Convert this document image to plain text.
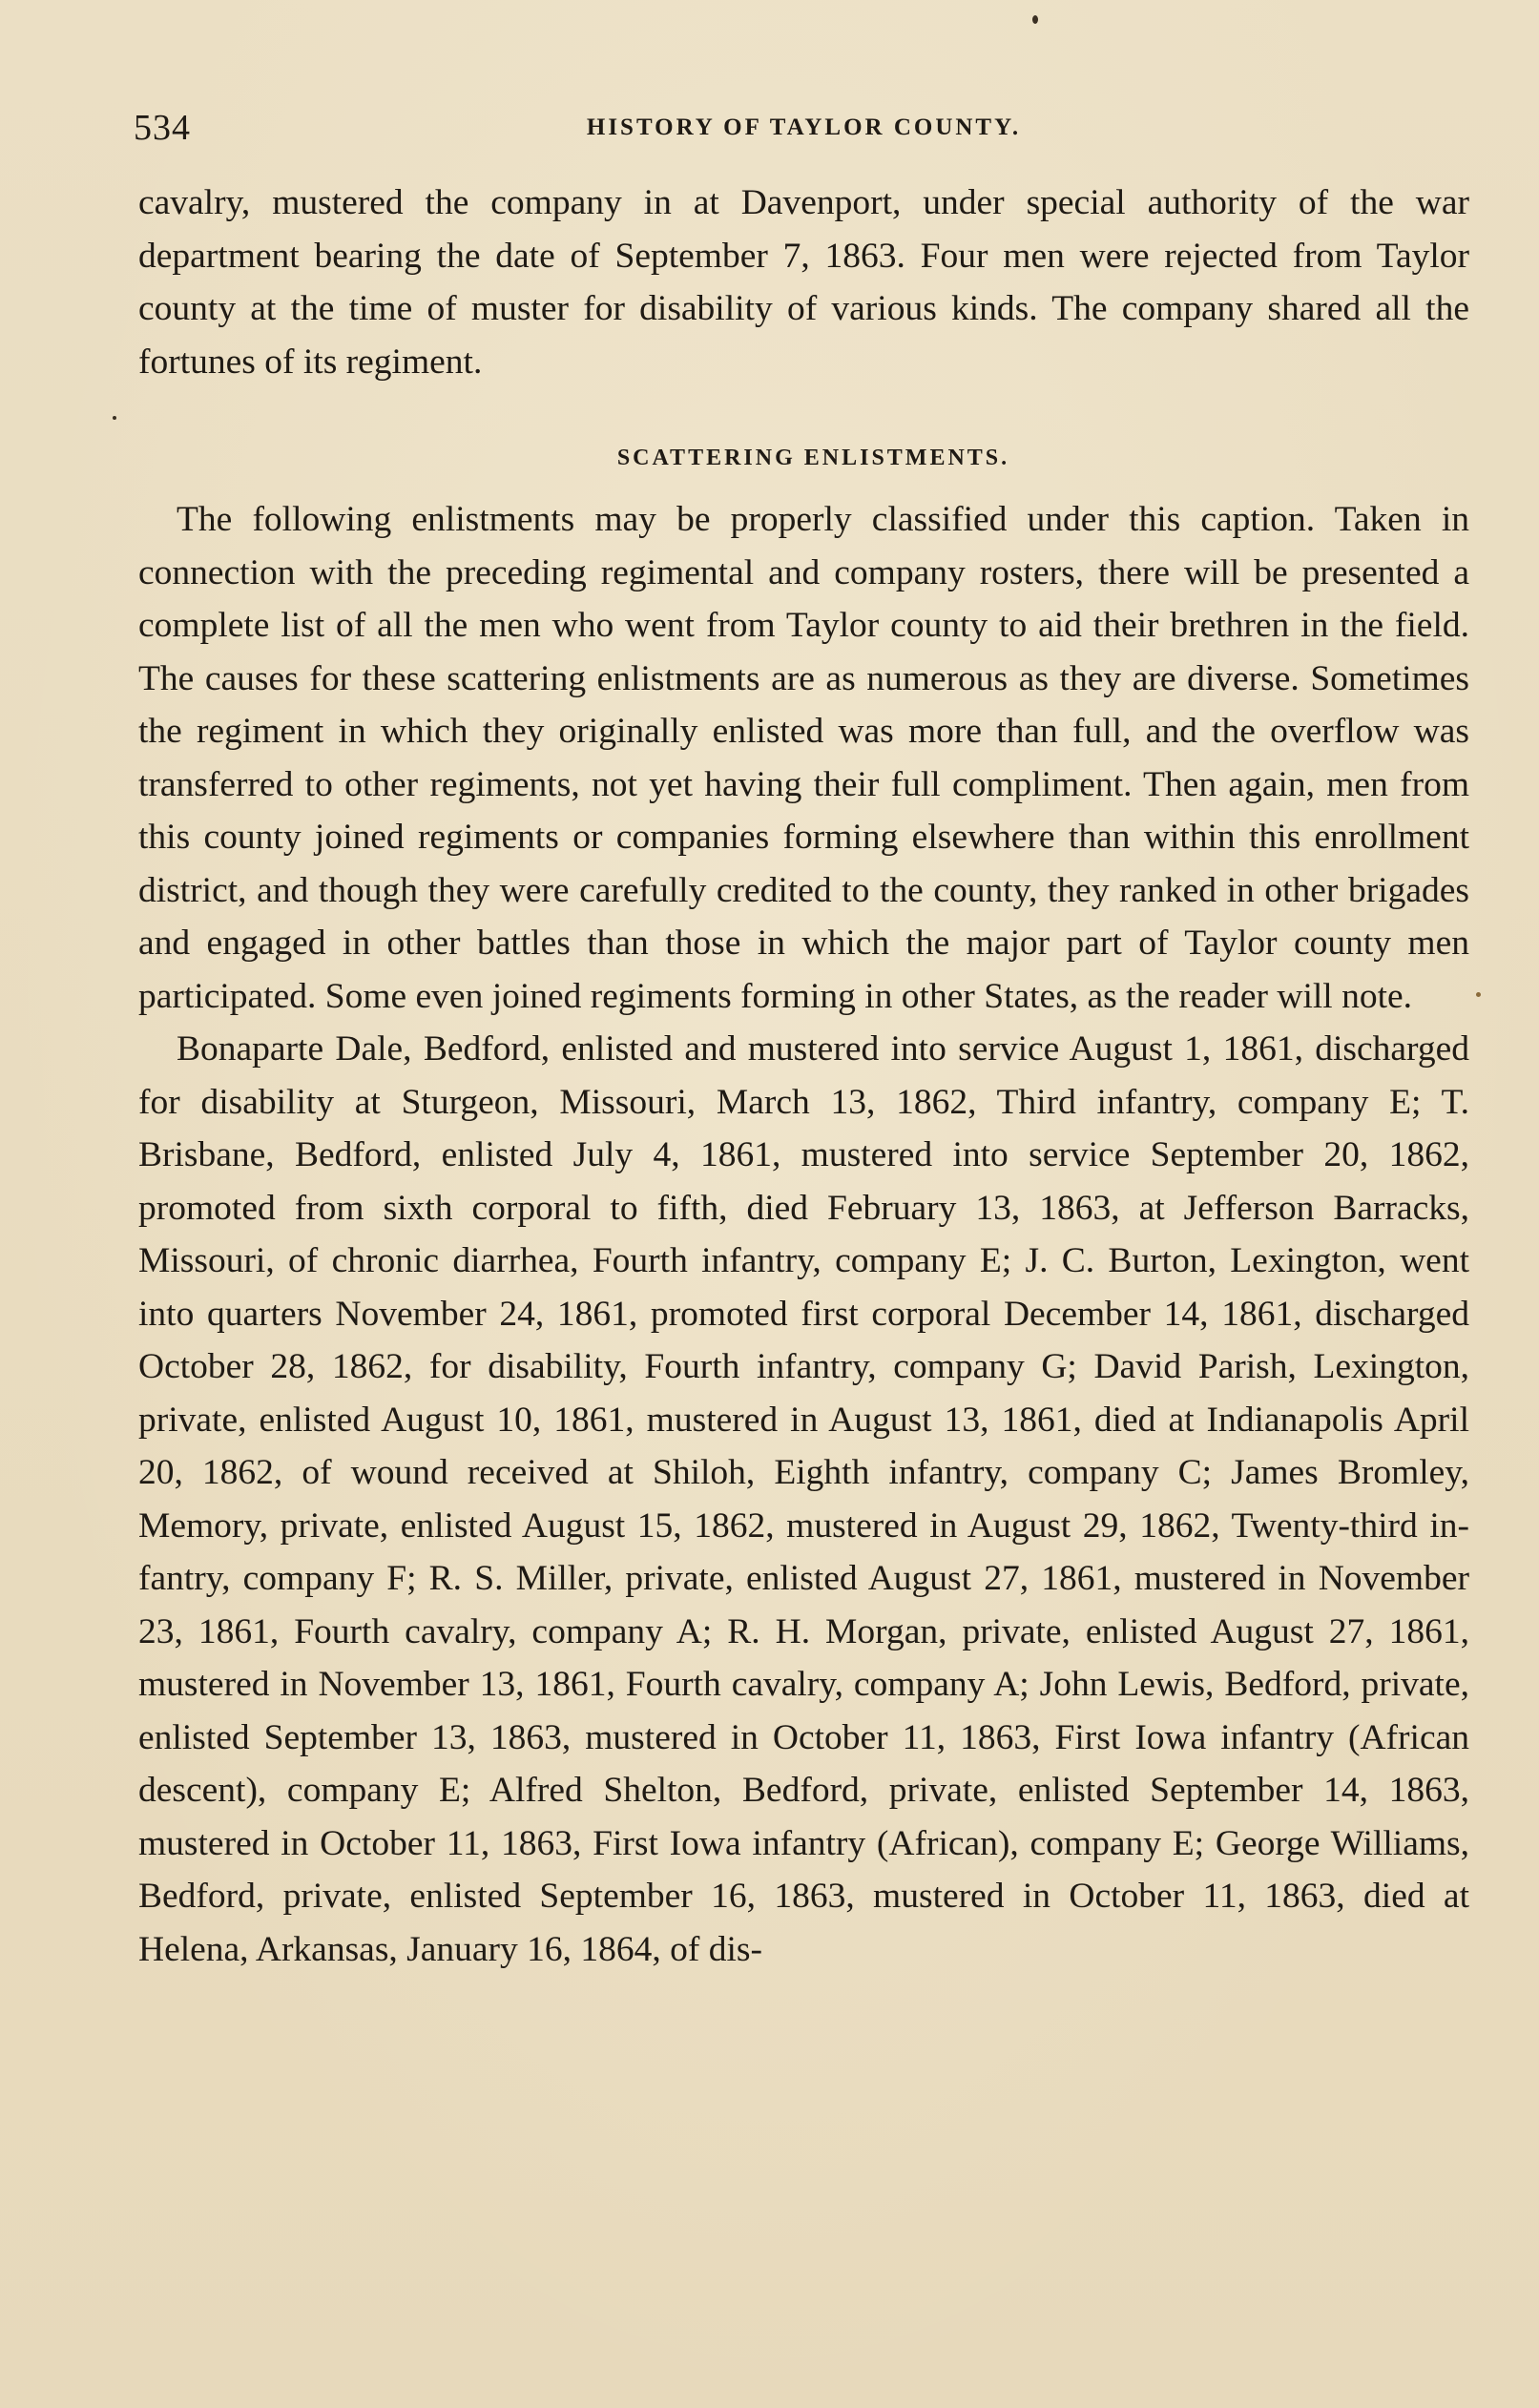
534	HISTORY OF TAYLOR COUNTY.

cavalry, mustered the company in at Davenport, under special authority of the war department bearing the date of September 7, 1863. Four men were rejected from Taylor county at the time of muster for disability of various kinds. The company shared all the fortunes of its regiment.

SCATTERING ENLISTMENTS.

The following enlistments may be properly classified under this caption. Taken in connection with the preceding regimental and company rosters, there will be presented a complete list of all the men who went from Taylor county to aid their brethren in the field. The causes for these scattering enlistments are as numerous as they are diverse. Sometimes the regiment in which they originally enlisted was more than full, and the overflow was transferred to other regiments, not yet having their full compliment. Then again, men from this county joined regiments or companies forming elsewhere than within this enrollment district, and though they were carefully credited to the county, they ranked in other brigades and engaged in other battles than those in which the major part of Taylor county men participated. Some even joined regiments forming in other States, as the reader will note.

Bonaparte Dale, Bedford, enlisted and mustered into service August 1, 1861, discharged for disability at Sturgeon, Missouri, March 13, 1862, Third infantry, company E; T. Brisbane, Bedford, enlisted July 4, 1861, mustered into service September 20, 1862, promoted from sixth corporal to fifth, died February 13, 1863, at Jefferson Barracks, Missouri, of chronic diarrhea, Fourth infantry, company E; J. C. Burton, Lexington, went into quarters November 24, 1861, promoted first corporal December 14, 1861, discharged October 28, 1862, for disability, Fourth infantry, company G; David Parish, Lexington, private, enlisted August 10, 1861, mustered in August 13, 1861, died at Indianapolis April 20, 1862, of wound received at Shiloh, Eighth infantry, company C; James Bromley, Memory, private, enlisted August 15, 1862, mustered in August 29, 1862, Twenty-third infantry, company F; R. S. Miller, private, enlisted August 27, 1861, mustered in November 23, 1861, Fourth cavalry, company A; R. H. Morgan, private, enlisted August 27, 1861, mustered in November 13, 1861, Fourth cavalry, company A; John Lewis, Bedford, private, enlisted September 13, 1863, mustered in October 11, 1863, First Iowa infantry (African descent), company E; Alfred Shelton, Bedford, private, enlisted September 14, 1863, mustered in October 11, 1863, First Iowa infantry (African), company E; George Williams, Bedford, private, enlisted September 16, 1863, mustered in October 11, 1863, died at Helena, Arkansas, January 16, 1864, of dis-
